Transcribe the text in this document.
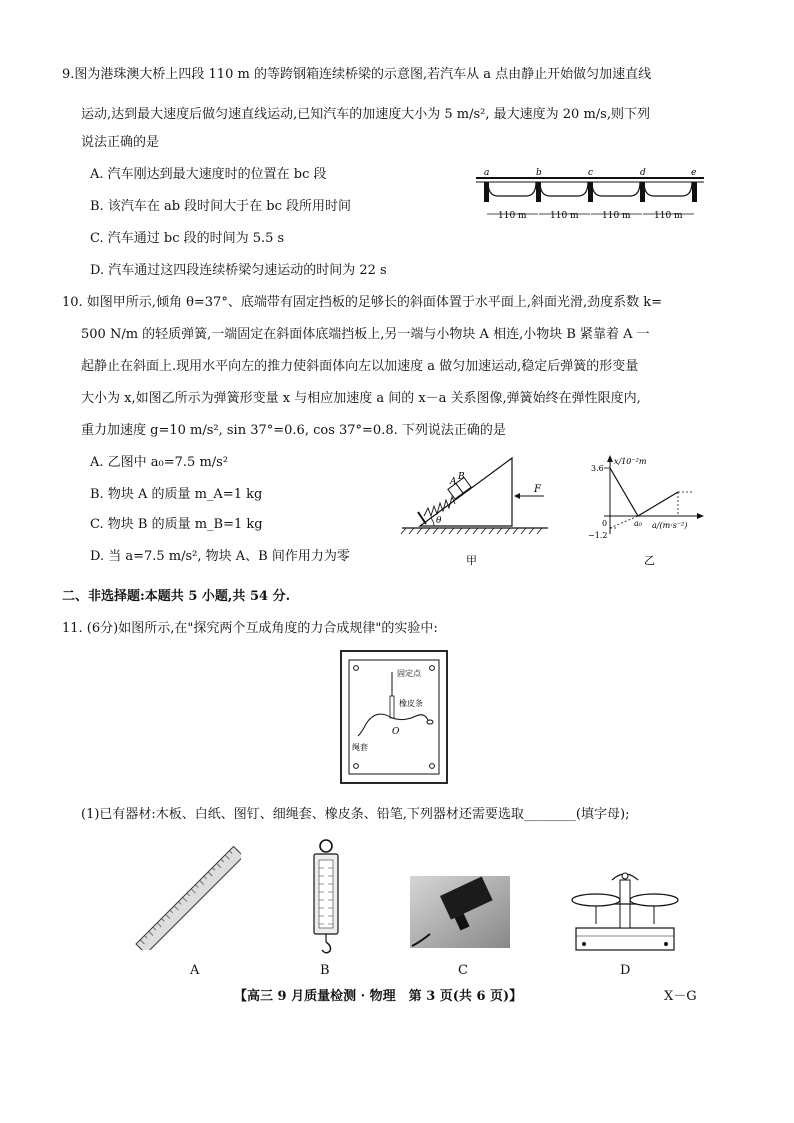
9.图为港珠澳大桥上四段 110 m 的等跨钢箱连续桥梁的示意图,若汽车从 a 点由静止开始做匀加速直线
运动,达到最大速度后做匀速直线运动,已知汽车的加速度大小为 5 m/s², 最大速度为 20 m/s,则下列
说法正确的是
A. 汽车刚达到最大速度时的位置在 bc 段
B. 该汽车在 ab 段时间大于在 bc 段所用时间
C. 汽车通过 bc 段的时间为 5.5 s
D. 汽车通过这四段连续桥梁匀速运动的时间为 22 s
a	b	c	d	e
110 m	110 m	110 m	110 m
10. 如图甲所示,倾角 θ=37°、底端带有固定挡板的足够长的斜面体置于水平面上,斜面光滑,劲度系数 k=
500 N/m 的轻质弹簧,一端固定在斜面体底端挡板上,另一端与小物块 A 相连,小物块 B 紧靠着 A 一
起静止在斜面上.现用水平向左的推力使斜面体向左以加速度 a 做匀加速运动,稳定后弹簧的形变量
大小为 x,如图乙所示为弹簧形变量 x 与相应加速度 a 间的 x－a 关系图像,弹簧始终在弹性限度内,
重力加速度 g=10 m/s², sin 37°=0.6, cos 37°=0.8. 下列说法正确的是
A. 乙图中 a₀=7.5 m/s²
B. 物块 A 的质量 m_A=1 kg
C. 物块 B 的质量 m_B=1 kg
D. 当 a=7.5 m/s², 物块 A、B 间作用力为零
A B
θ
F
甲
x/10⁻²m
3.6
0
−1.2
a₀ a/(m·s⁻²)
乙
二、非选择题:本题共 5 小题,共 54 分.
11. (6分)如图所示,在"探究两个互成角度的力合成规律"的实验中:
固定点
橡皮条
绳套
O
(1)已有器材:木板、白纸、图钉、细绳套、橡皮条、铅笔,下列器材还需要选取________(填字母);
A	B	C	D
【高三 9 月质量检测 · 物理　第 3 页(共 6 页)】	X－G
